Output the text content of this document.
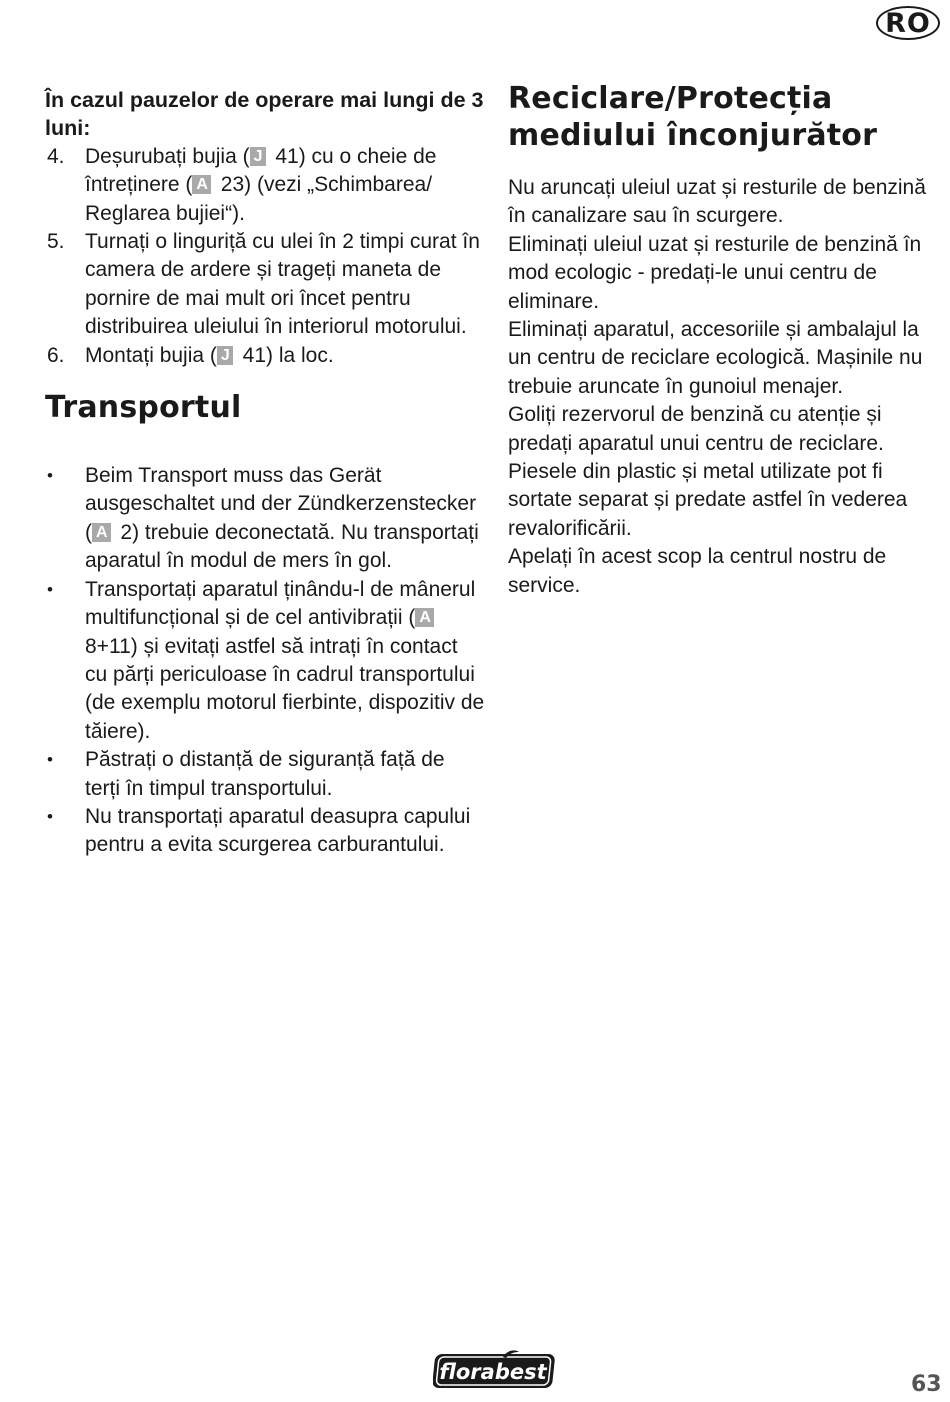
RO

În cazul pauzelor de operare mai lungi de 3 luni:

4. Deșurubați bujia ( J 41) cu o cheie de întreținere ( A 23) (vezi „Schimbarea/ Reglarea bujiei“).
5. Turnați o linguriță cu ulei în 2 timpi curat în camera de ardere și trageți maneta de pornire de mai mult ori încet pentru distribuirea uleiului în interiorul motorului.
6. Montați bujia ( J 41) la loc.
Transportul
• Beim Transport muss das Gerät ausgeschaltet und der Zündkerzenstecker ( A 2) trebuie deconectată. Nu transportați aparatul în modul de mers în gol.
• Transportați aparatul ținându-l de mânerul multifuncțional și de cel antivibrații ( A 8+11) și evitați astfel să intrați în contact cu părți periculoase în cadrul transportului (de exemplu motorul fierbinte, dispozitiv de tăiere).
• Păstrați o distanță de siguranță față de terți în timpul transportului.
• Nu transportați aparatul deasupra capului pentru a evita scurgerea carburantului.
Reciclare/Protecția mediului înconjurător

Nu aruncați uleiul uzat și resturile de benzină în canalizare sau în scurgere.

Eliminați uleiul uzat și resturile de benzină în mod ecologic - predați-le unui centru de eliminare.

Eliminați aparatul, accesoriile și ambalajul la un centru de reciclare ecologică. Mașinile nu trebuie aruncate în gunoiul menajer.

Goliți rezervorul de benzină cu atenție și predați aparatul unui centru de reciclare.

Piesele din plastic și metal utilizate pot fi sortate separat și predate astfel în vederea revalorificării.

Apelați în acest scop la centrul nostru de service.

florabest	63
